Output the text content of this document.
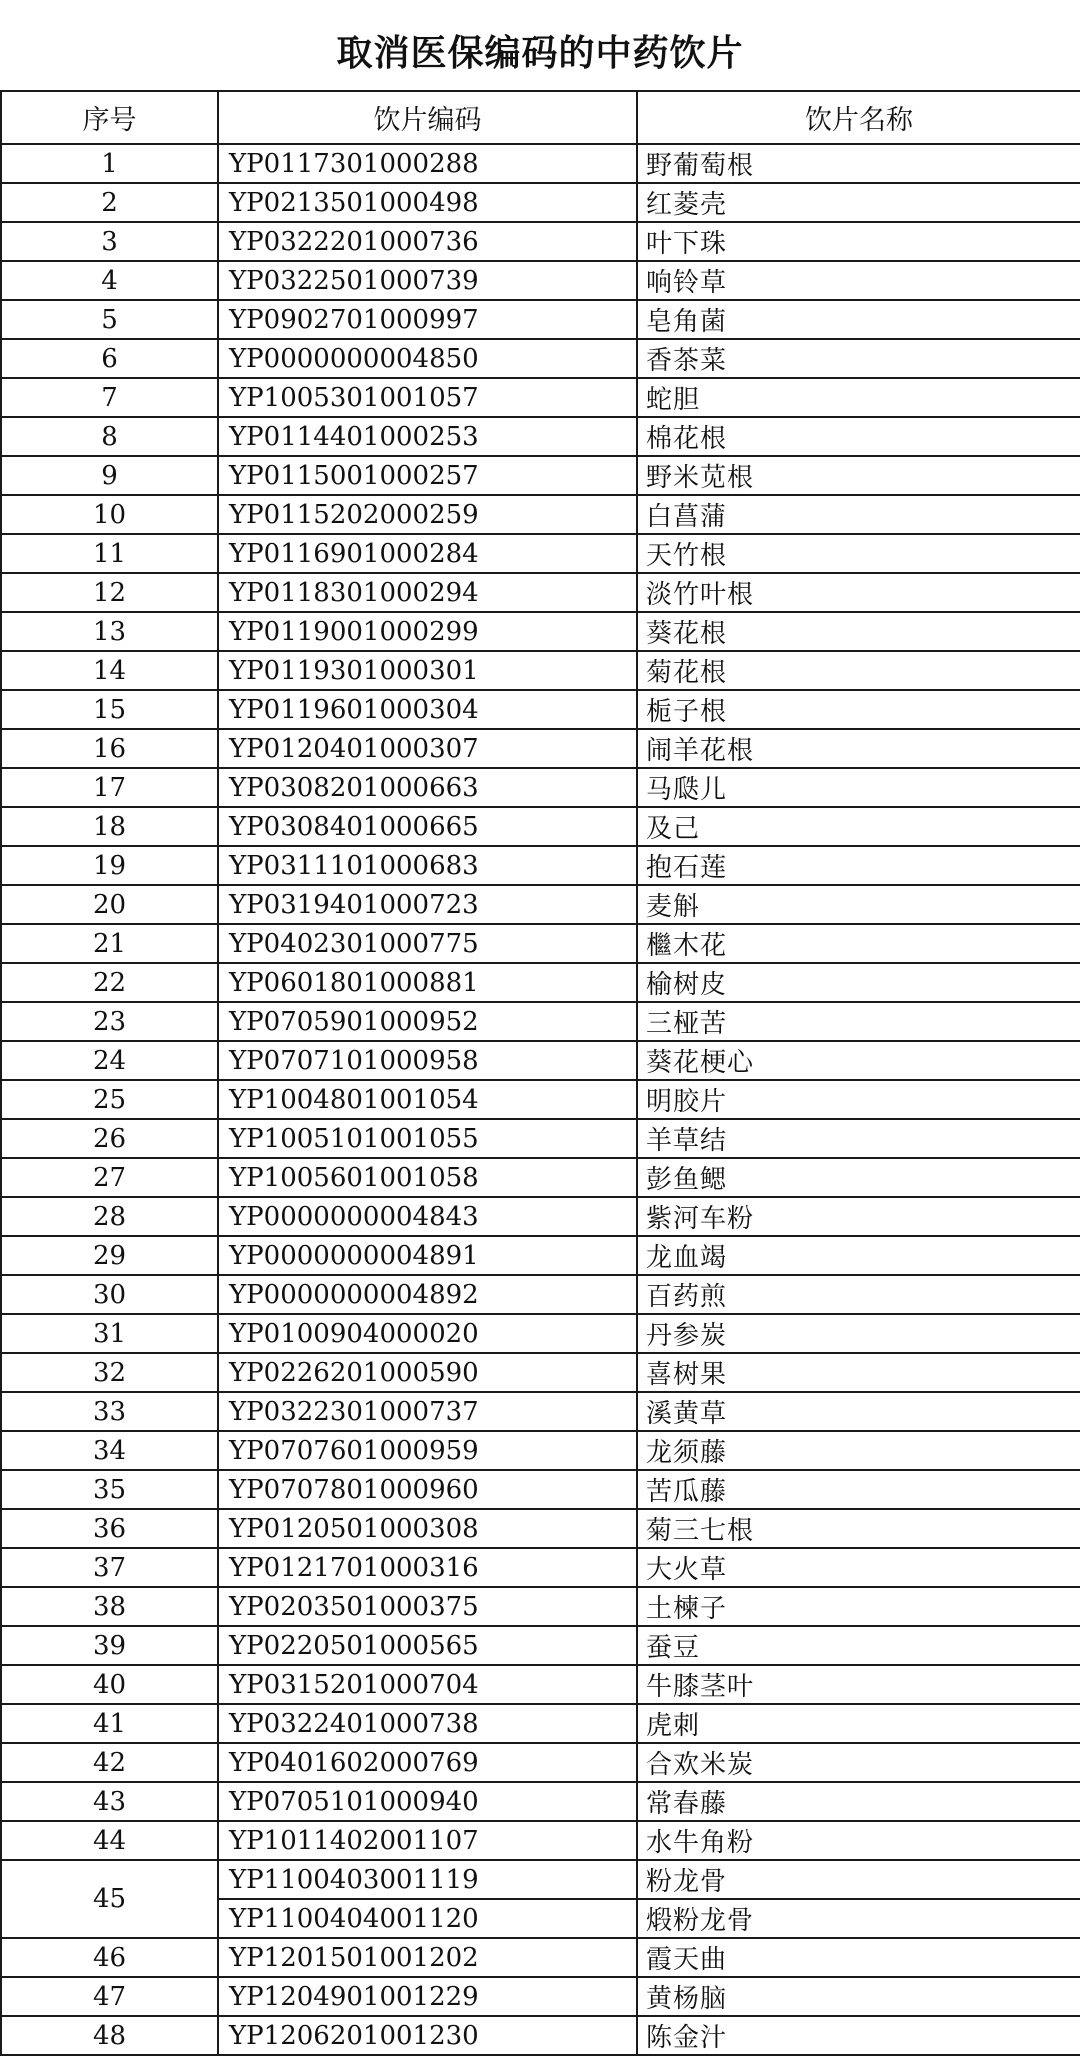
取消医保编码的中药饮片
序号	饮片编码	饮片名称
1	YP0117301000288	野葡萄根
2	YP0213501000498	红菱壳
3	YP0322201000736	叶下珠
4	YP0322501000739	响铃草
5	YP0902701000997	皂角菌
6	YP0000000004850	香茶菜
7	YP1005301001057	蛇胆
8	YP0114401000253	棉花根
9	YP0115001000257	野米苋根
10	YP0115202000259	白菖蒲
11	YP0116901000284	天竹根
12	YP0118301000294	淡竹叶根
13	YP0119001000299	葵花根
14	YP0119301000301	菊花根
15	YP0119601000304	栀子根
16	YP0120401000307	闹羊花根
17	YP0308201000663	马瓞儿
18	YP0308401000665	及己
19	YP0311101000683	抱石莲
20	YP0319401000723	麦斛
21	YP0402301000775	檵木花
22	YP0601801000881	榆树皮
23	YP0705901000952	三桠苦
24	YP0707101000958	葵花梗心
25	YP1004801001054	明胶片
26	YP1005101001055	羊草结
27	YP1005601001058	彭鱼鳃
28	YP0000000004843	紫河车粉
29	YP0000000004891	龙血竭
30	YP0000000004892	百药煎
31	YP0100904000020	丹参炭
32	YP0226201000590	喜树果
33	YP0322301000737	溪黄草
34	YP0707601000959	龙须藤
35	YP0707801000960	苦瓜藤
36	YP0120501000308	菊三七根
37	YP0121701000316	大火草
38	YP0203501000375	土楝子
39	YP0220501000565	蚕豆
40	YP0315201000704	牛膝茎叶
41	YP0322401000738	虎刺
42	YP0401602000769	合欢米炭
43	YP0705101000940	常春藤
44	YP1011402001107	水牛角粉
45	YP1100403001119	粉龙骨
	YP1100404001120	煅粉龙骨
46	YP1201501001202	霞天曲
47	YP1204901001229	黄杨脑
48	YP1206201001230	陈金汁
